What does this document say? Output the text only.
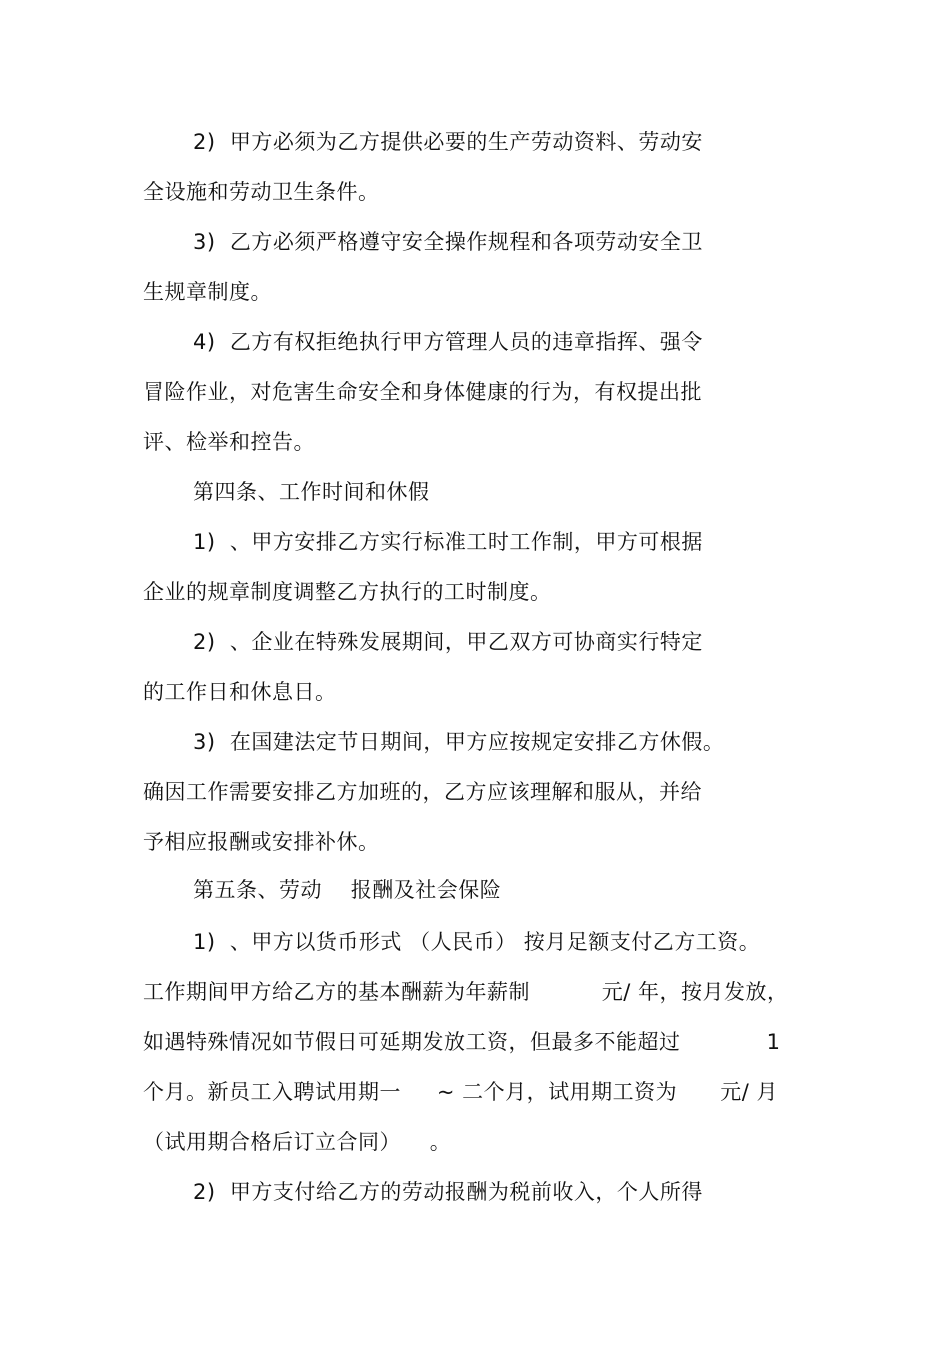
2)  甲方必须为乙方提供必要的生产劳动资料、劳动安
全设施和劳动卫生条件。
3)  乙方必须严格遵守安全操作规程和各项劳动安全卫
生规章制度。
4)  乙方有权拒绝执行甲方管理人员的违章指挥、强令
冒险作业，对危害生命安全和身体健康的行为，有权提出批
评、检举和控告。
第四条、工作时间和休假
1)  、甲方安排乙方实行标准工时工作制，甲方可根据
企业的规章制度调整乙方执行的工时制度。
2)  、企业在特殊发展期间，甲乙双方可协商实行特定
的工作日和休息日。
3)  在国建法定节日期间，甲方应按规定安排乙方休假。
确因工作需要安排乙方加班的，乙方应该理解和服从，并给
予相应报酬或安排补休。
第五条、劳动    报酬及社会保险
1)  、甲方以货币形式 （人民币） 按月足额支付乙方工资。
工作期间甲方给乙方的基本酬薪为年薪制          元/ 年，按月发放，
如遇特殊情况如节假日可延期发放工资，但最多不能超过            1
个月。新员工入聘试用期一     ~ 二个月，试用期工资为      元/ 月
（试用期合格后订立合同）    。
2)  甲方支付给乙方的劳动报酬为税前收入，个人所得
